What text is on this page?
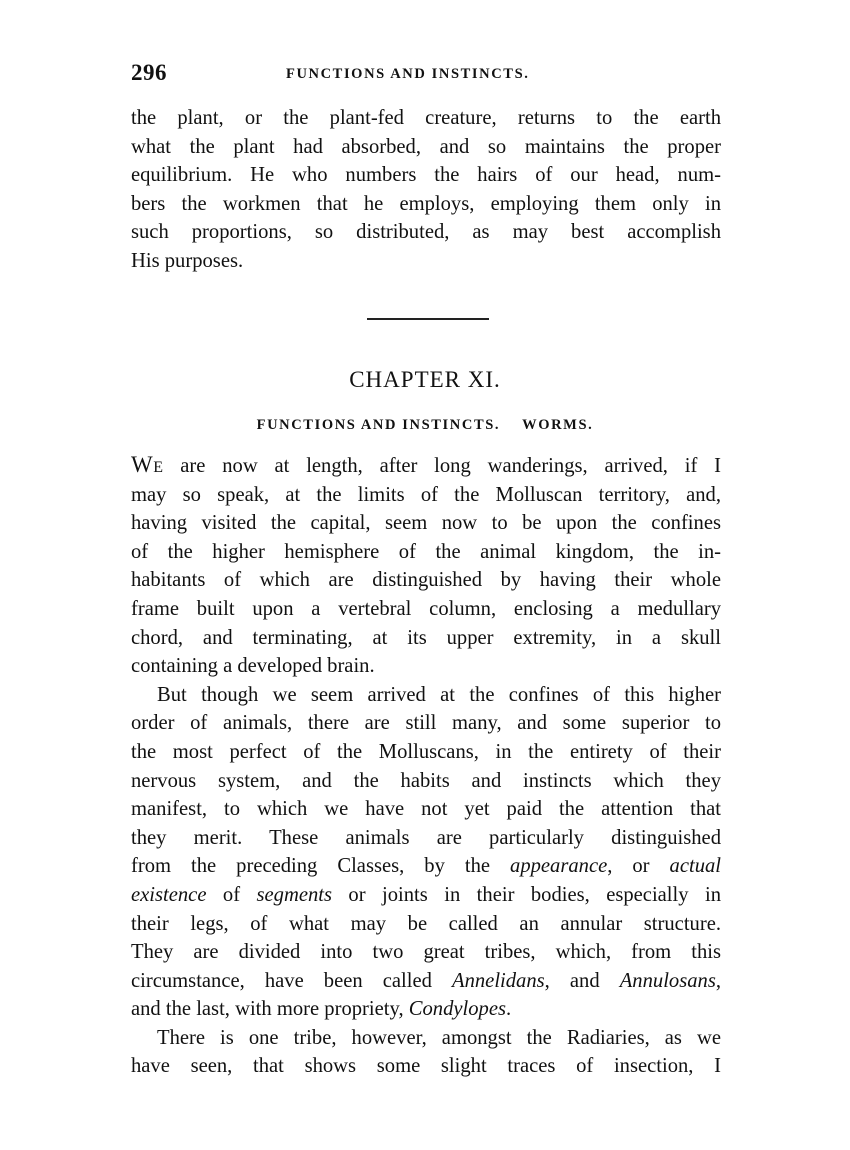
296	FUNCTIONS AND INSTINCTS.
the plant, or the plant-fed creature, returns to the earth
what the plant had absorbed, and so maintains the proper
equilibrium. He who numbers the hairs of our head, num-
bers the workmen that he employs, employing them only in
such proportions, so distributed, as may best accomplish
His purposes.
CHAPTER XI.
FUNCTIONS AND INSTINCTS. WORMS.
We are now at length, after long wanderings, arrived, if I
may so speak, at the limits of the Molluscan territory, and,
having visited the capital, seem now to be upon the confines
of the higher hemisphere of the animal kingdom, the in-
habitants of which are distinguished by having their whole
frame built upon a vertebral column, enclosing a medullary
chord, and terminating, at its upper extremity, in a skull
containing a developed brain.
But though we seem arrived at the confines of this higher
order of animals, there are still many, and some superior to
the most perfect of the Molluscans, in the entirety of their
nervous system, and the habits and instincts which they
manifest, to which we have not yet paid the attention that
they merit. These animals are particularly distinguished
from the preceding Classes, by the appearance, or actual
existence of segments or joints in their bodies, especially in
their legs, of what may be called an annular structure.
They are divided into two great tribes, which, from this
circumstance, have been called Annelidans, and Annulosans,
and the last, with more propriety, Condylopes.
There is one tribe, however, amongst the Radiaries, as we
have seen, that shows some slight traces of insection, I
